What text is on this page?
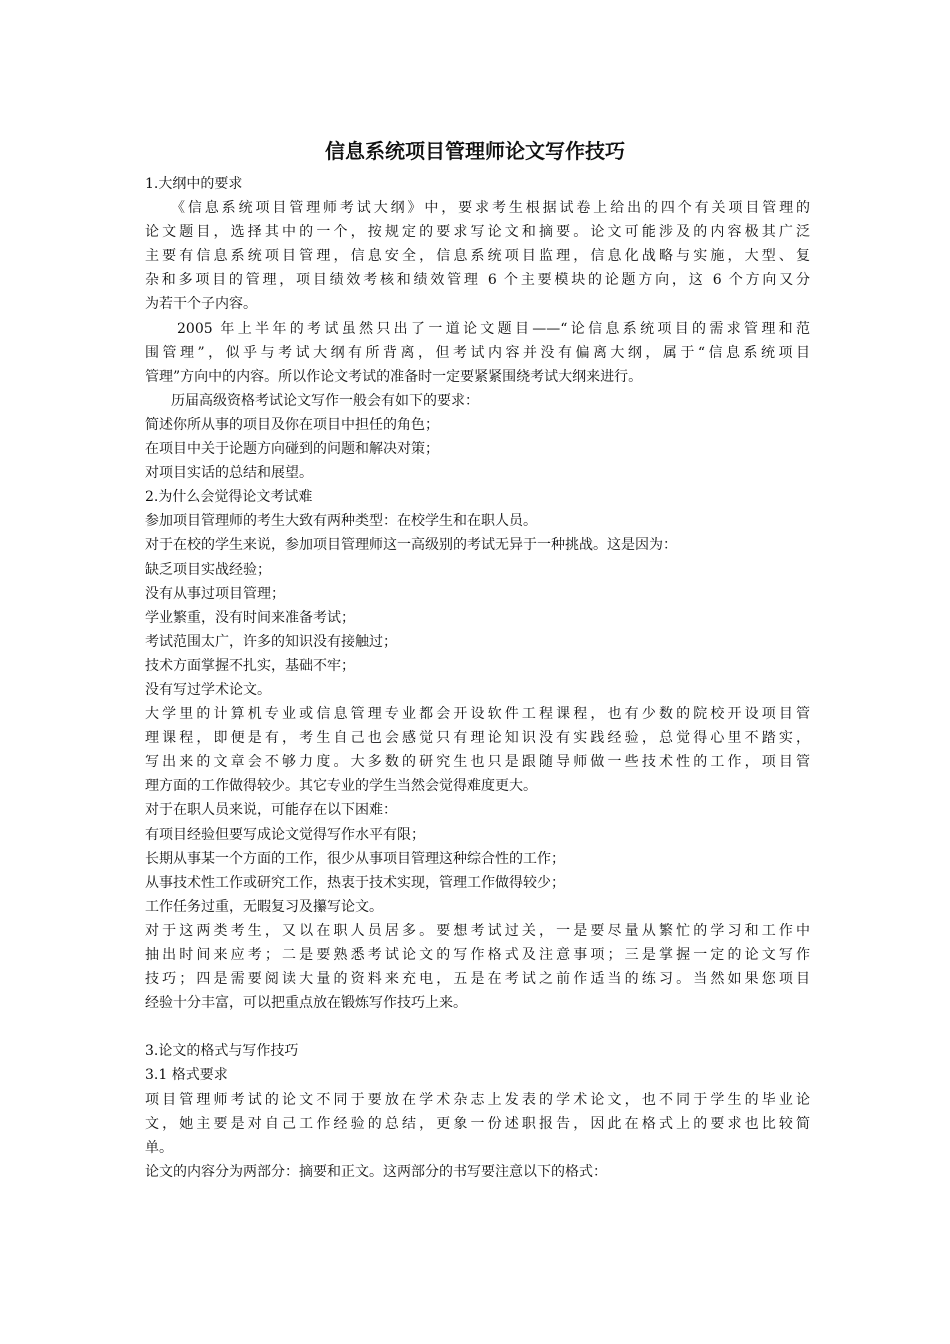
信息系统项目管理师论文写作技巧
1.大纲中的要求
《信息系统项目管理师考试大纲》中，要求考生根据试卷上给出的四个有关项目管理的
论文题目，选择其中的一个，按规定的要求写论文和摘要。论文可能涉及的内容极其广泛
主要有信息系统项目管理，信息安全，信息系统项目监理，信息化战略与实施，大型、复
杂和多项目的管理，项目绩效考核和绩效管理 6 个主要模块的论题方向，这 6 个方向又分
为若干个子内容。
2005 年上半年的考试虽然只出了一道论文题目——“论信息系统项目的需求管理和范
围管理”，似乎与考试大纲有所背离，但考试内容并没有偏离大纲，属于“信息系统项目
管理”方向中的内容。所以作论文考试的准备时一定要紧紧围绕考试大纲来进行。
历届高级资格考试论文写作一般会有如下的要求：
简述你所从事的项目及你在项目中担任的角色；
在项目中关于论题方向碰到的问题和解决对策；
对项目实话的总结和展望。
2.为什么会觉得论文考试难
参加项目管理师的考生大致有两种类型：在校学生和在职人员。
对于在校的学生来说，参加项目管理师这一高级别的考试无异于一种挑战。这是因为：
缺乏项目实战经验；
没有从事过项目管理；
学业繁重，没有时间来准备考试；
考试范围太广，许多的知识没有接触过；
技术方面掌握不扎实，基础不牢；
没有写过学术论文。
大学里的计算机专业或信息管理专业都会开设软件工程课程，也有少数的院校开设项目管
理课程，即便是有，考生自己也会感觉只有理论知识没有实践经验，总觉得心里不踏实，
写出来的文章会不够力度。大多数的研究生也只是跟随导师做一些技术性的工作，项目管
理方面的工作做得较少。其它专业的学生当然会觉得难度更大。
对于在职人员来说，可能存在以下困难：
有项目经验但要写成论文觉得写作水平有限；
长期从事某一个方面的工作，很少从事项目管理这种综合性的工作；
从事技术性工作或研究工作，热衷于技术实现，管理工作做得较少；
工作任务过重，无暇复习及攥写论文。
对于这两类考生，又以在职人员居多。要想考试过关，一是要尽量从繁忙的学习和工作中
抽出时间来应考；二是要熟悉考试论文的写作格式及注意事项；三是掌握一定的论文写作
技巧；四是需要阅读大量的资料来充电，五是在考试之前作适当的练习。当然如果您项目
经验十分丰富，可以把重点放在锻炼写作技巧上来。
3.论文的格式与写作技巧
3.1 格式要求
项目管理师考试的论文不同于要放在学术杂志上发表的学术论文，也不同于学生的毕业论
文，她主要是对自己工作经验的总结，更象一份述职报告，因此在格式上的要求也比较简
单。
论文的内容分为两部分：摘要和正文。这两部分的书写要注意以下的格式：
